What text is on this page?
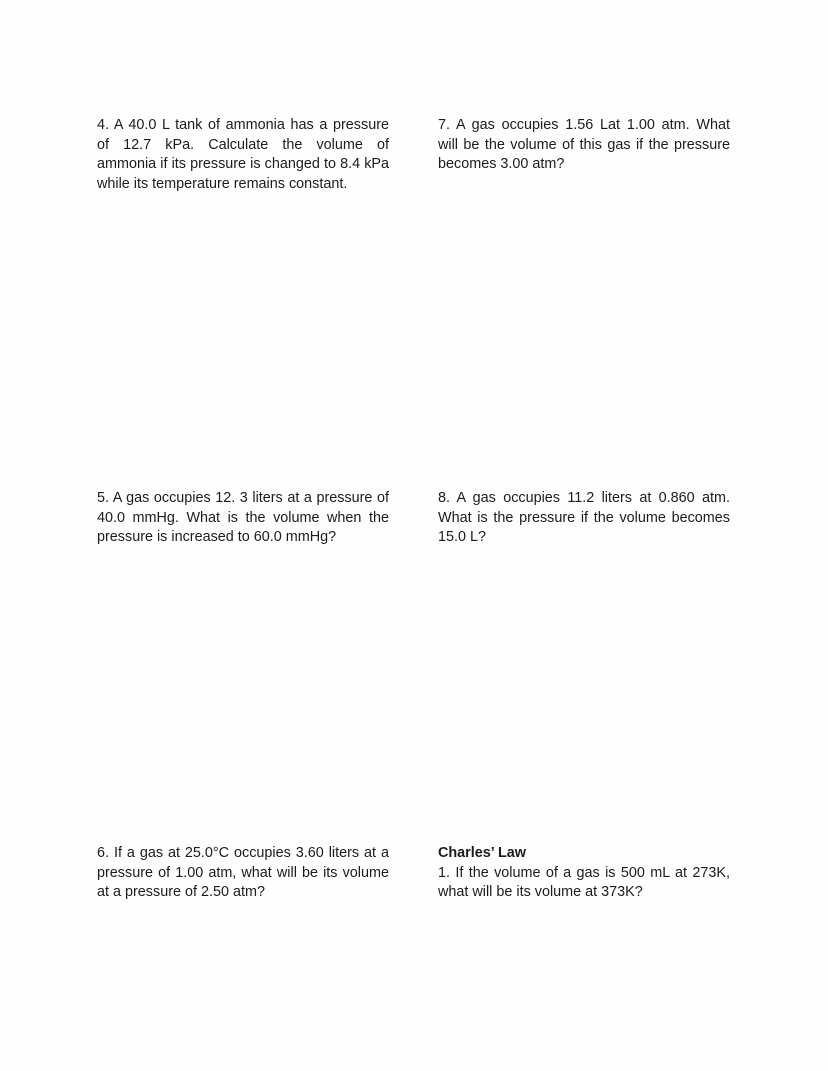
4. A 40.0 L tank of ammonia has a pressure of 12.7 kPa. Calculate the volume of ammonia if its pressure is changed to 8.4 kPa while its temperature remains constant.

7. A gas occupies 1.56 Lat 1.00 atm. What will be the volume of this gas if the pressure becomes 3.00 atm?

5. A gas occupies 12. 3 liters at a pressure of 40.0 mmHg. What is the volume when the pressure is increased to 60.0 mmHg?

8. A gas occupies 11.2 liters at 0.860 atm. What is the pressure if the volume becomes 15.0 L?

6. If a gas at 25.0°C occupies 3.60 liters at a pressure of 1.00 atm, what will be its volume at a pressure of 2.50 atm?

Charles’ Law
1. If the volume of a gas is 500 mL at 273K, what will be its volume at 373K?
